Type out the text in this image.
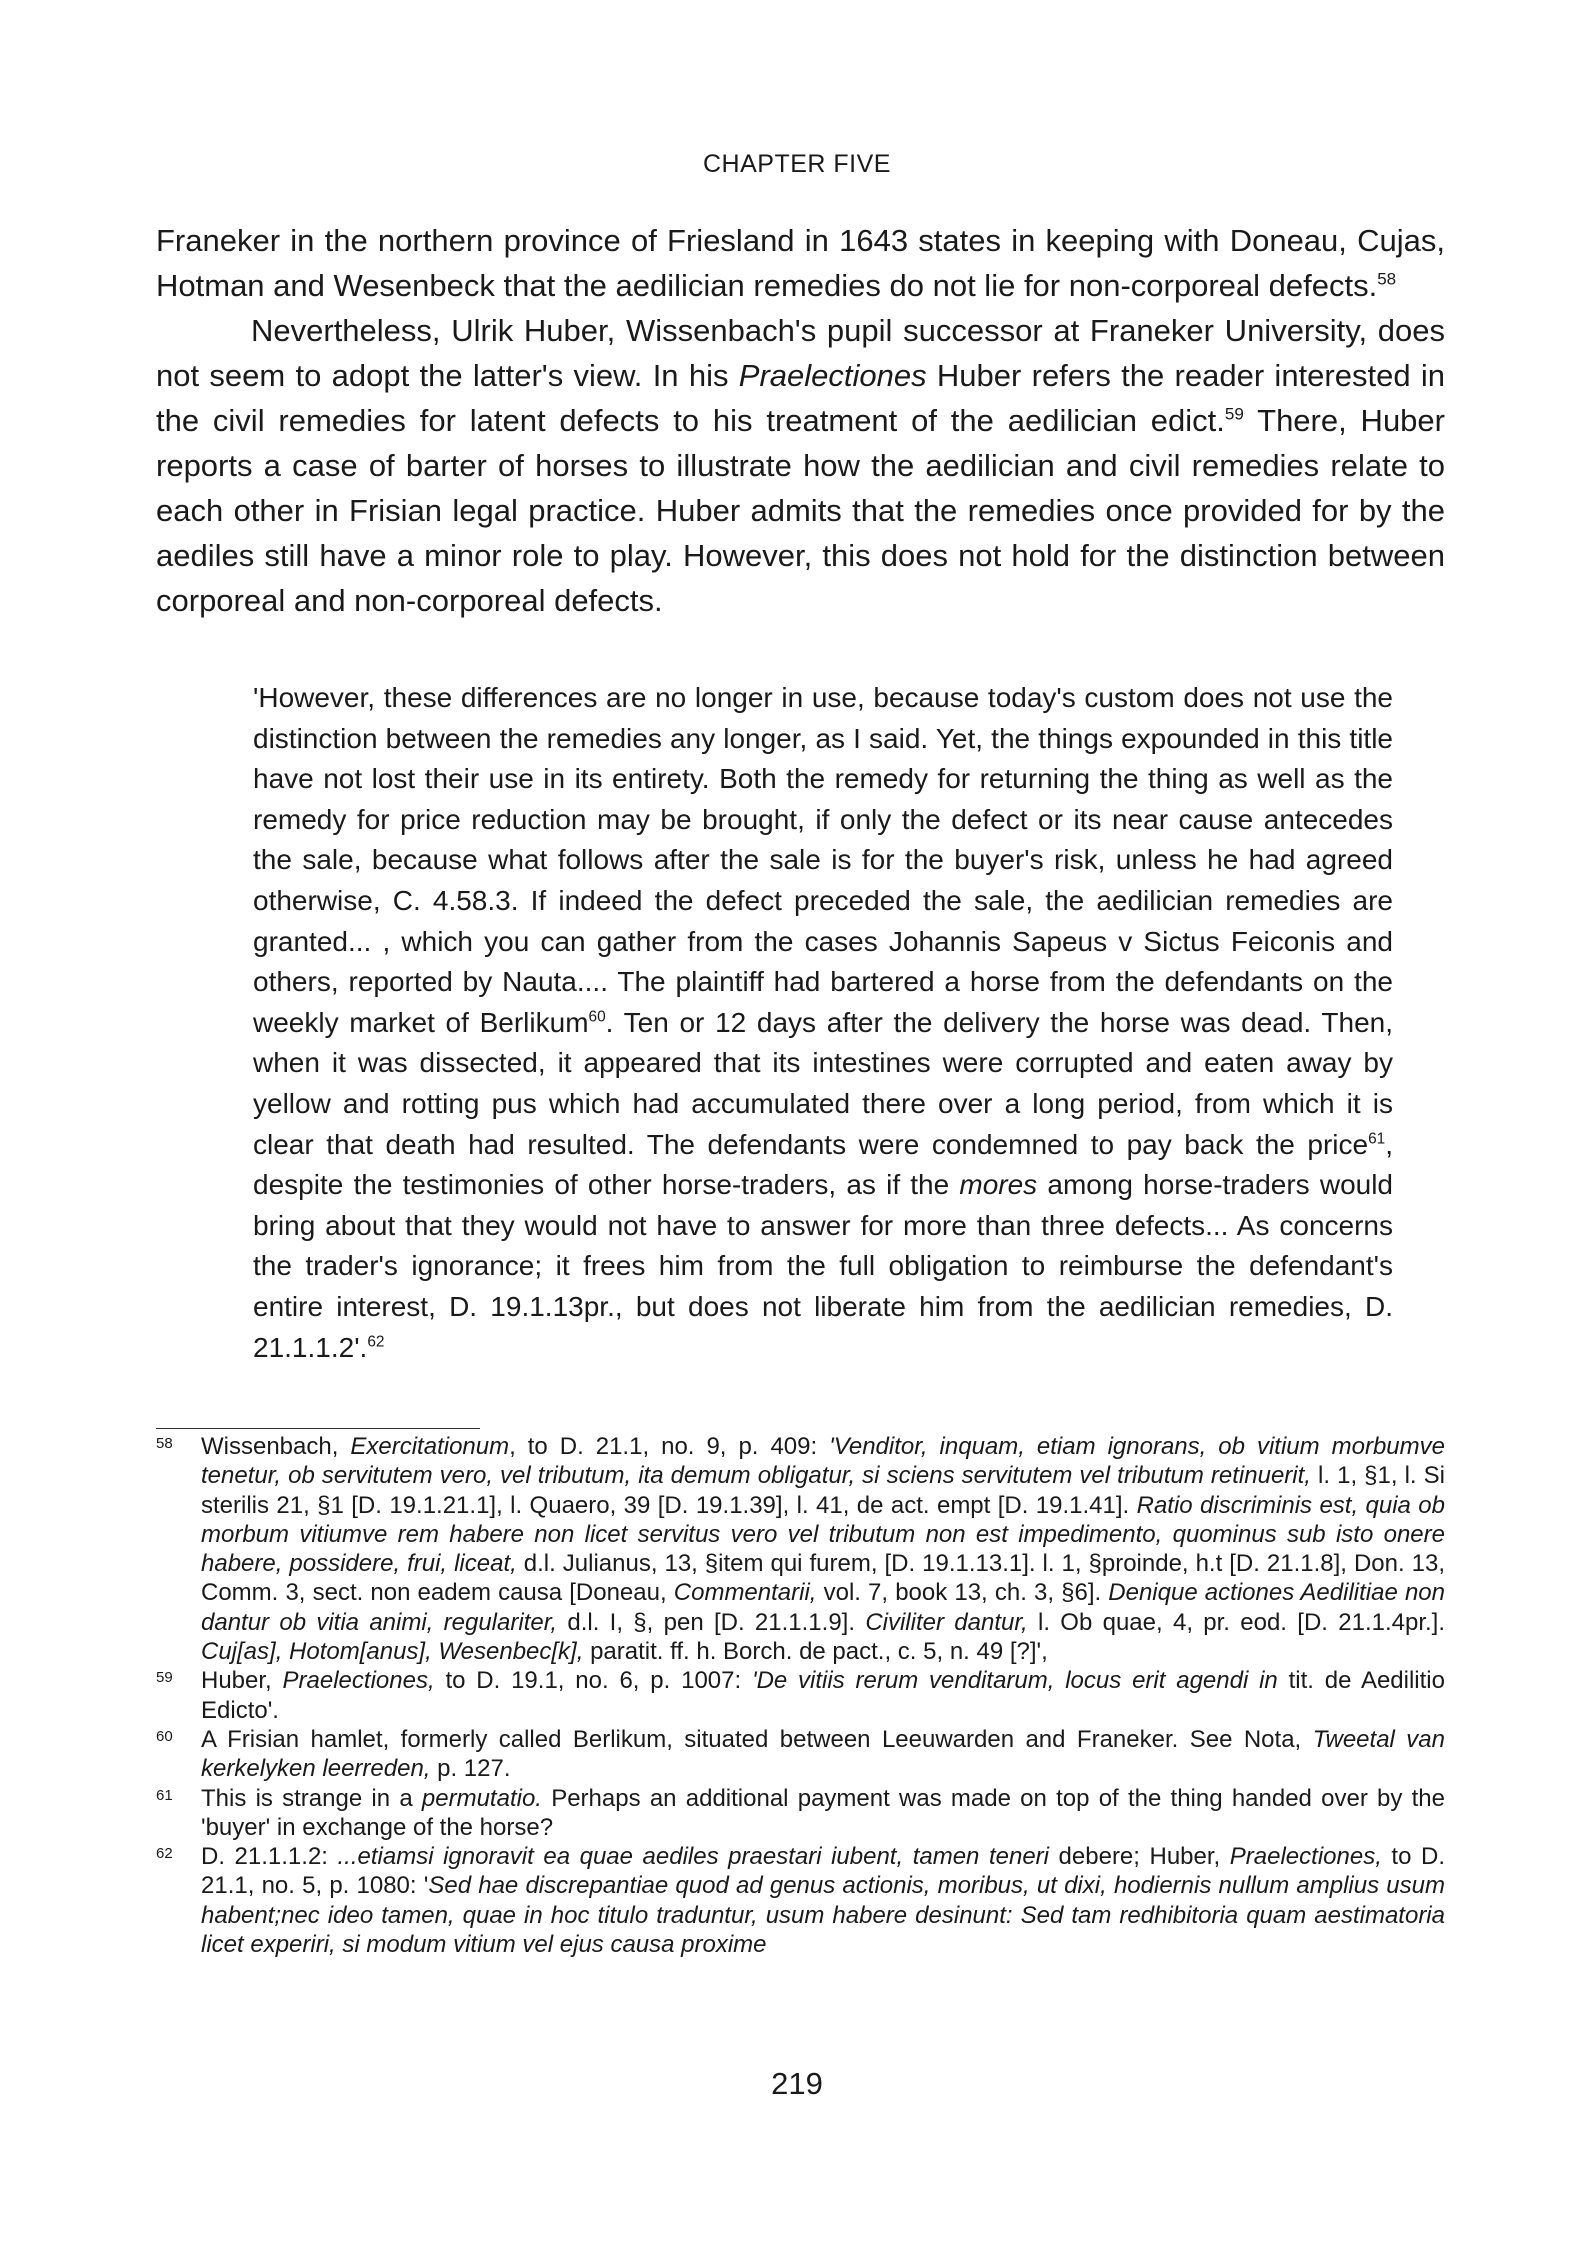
CHAPTER FIVE

Franeker in the northern province of Friesland in 1643 states in keeping with Doneau, Cujas, Hotman and Wesenbeck that the aedilician remedies do not lie for non-corporeal defects.$^{58}$

Nevertheless, Ulrik Huber, Wissenbach's pupil successor at Franeker University, does not seem to adopt the latter's view. In his Praelectiones Huber refers the reader interested in the civil remedies for latent defects to his treatment of the aedilician edict.$^{59}$ There, Huber reports a case of barter of horses to illustrate how the aedilician and civil remedies relate to each other in Frisian legal practice. Huber admits that the remedies once provided for by the aediles still have a minor role to play. However, this does not hold for the distinction between corporeal and non-corporeal defects.

'However, these differences are no longer in use, because today's custom does not use the distinction between the remedies any longer, as I said. Yet, the things expounded in this title have not lost their use in its entirety. Both the remedy for returning the thing as well as the remedy for price reduction may be brought, if only the defect or its near cause antecedes the sale, because what follows after the sale is for the buyer's risk, unless he had agreed otherwise, C. 4.58.3. If indeed the defect preceded the sale, the aedilician remedies are granted... , which you can gather from the cases Johannis Sapeus v Sictus Feiconis and others, reported by Nauta.... The plaintiff had bartered a horse from the defendants on the weekly market of Berlikum$^{60}$. Ten or 12 days after the delivery the horse was dead. Then, when it was dissected, it appeared that its intestines were corrupted and eaten away by yellow and rotting pus which had accumulated there over a long period, from which it is clear that death had resulted. The defendants were condemned to pay back the price$^{61}$, despite the testimonies of other horse-traders, as if the mores among horse-traders would bring about that they would not have to answer for more than three defects... As concerns the trader's ignorance; it frees him from the full obligation to reimburse the defendant's entire interest, D. 19.1.13pr., but does not liberate him from the aedilician remedies, D. 21.1.1.2'.$^{62}$

58 Wissenbach, Exercitationum, to D. 21.1, no. 9, p. 409: 'Venditor, inquam, etiam ignorans, ob vitium morbumve tenetur, ob servitutem vero, vel tributum, ita demum obligatur, si sciens servitutem vel tributum retinuerit, l. 1, §1, l. Si sterilis 21, §1 [D. 19.1.21.1], l. Quaero, 39 [D. 19.1.39], l. 41, de act. empt [D. 19.1.41]. Ratio discriminis est, quia ob morbum vitiumve rem habere non licet servitus vero vel tributum non est impedimento, quominus sub isto onere habere, possidere, frui, liceat, d.l. Julianus, 13, §item qui furem, [D. 19.1.13.1]. l. 1, §proinde, h.t [D. 21.1.8], Don. 13, Comm. 3, sect. non eadem causa [Doneau, Commentarii, vol. 7, book 13, ch. 3, §6]. Denique actiones Aedilitiae non dantur ob vitia animi, regulariter, d.l. I, §, pen [D. 21.1.1.9]. Civiliter dantur, l. Ob quae, 4, pr. eod. [D. 21.1.4pr.]. Cuj[as], Hotom[anus], Wesenbec[k], paratit. ff. h. Borch. de pact., c. 5, n. 49 [?]',

59 Huber, Praelectiones, to D. 19.1, no. 6, p. 1007: 'De vitiis rerum venditarum, locus erit agendi in tit. de Aedilitio Edicto'.

60 A Frisian hamlet, formerly called Berlikum, situated between Leeuwarden and Franeker. See Nota, Tweetal van kerkelyken leerreden, p. 127.

61 This is strange in a permutatio. Perhaps an additional payment was made on top of the thing handed over by the 'buyer' in exchange of the horse?

62 D. 21.1.1.2: ...etiamsi ignoravit ea quae aediles praestari iubent, tamen teneri debere; Huber, Praelectiones, to D. 21.1, no. 5, p. 1080: 'Sed hae discrepantiae quod ad genus actionis, moribus, ut dixi, hodiernis nullum amplius usum habent;nec ideo tamen, quae in hoc titulo traduntur, usum habere desinunt: Sed tam redhibitoria quam aestimatoria licet experiri, si modum vitium vel ejus causa proxime

219
